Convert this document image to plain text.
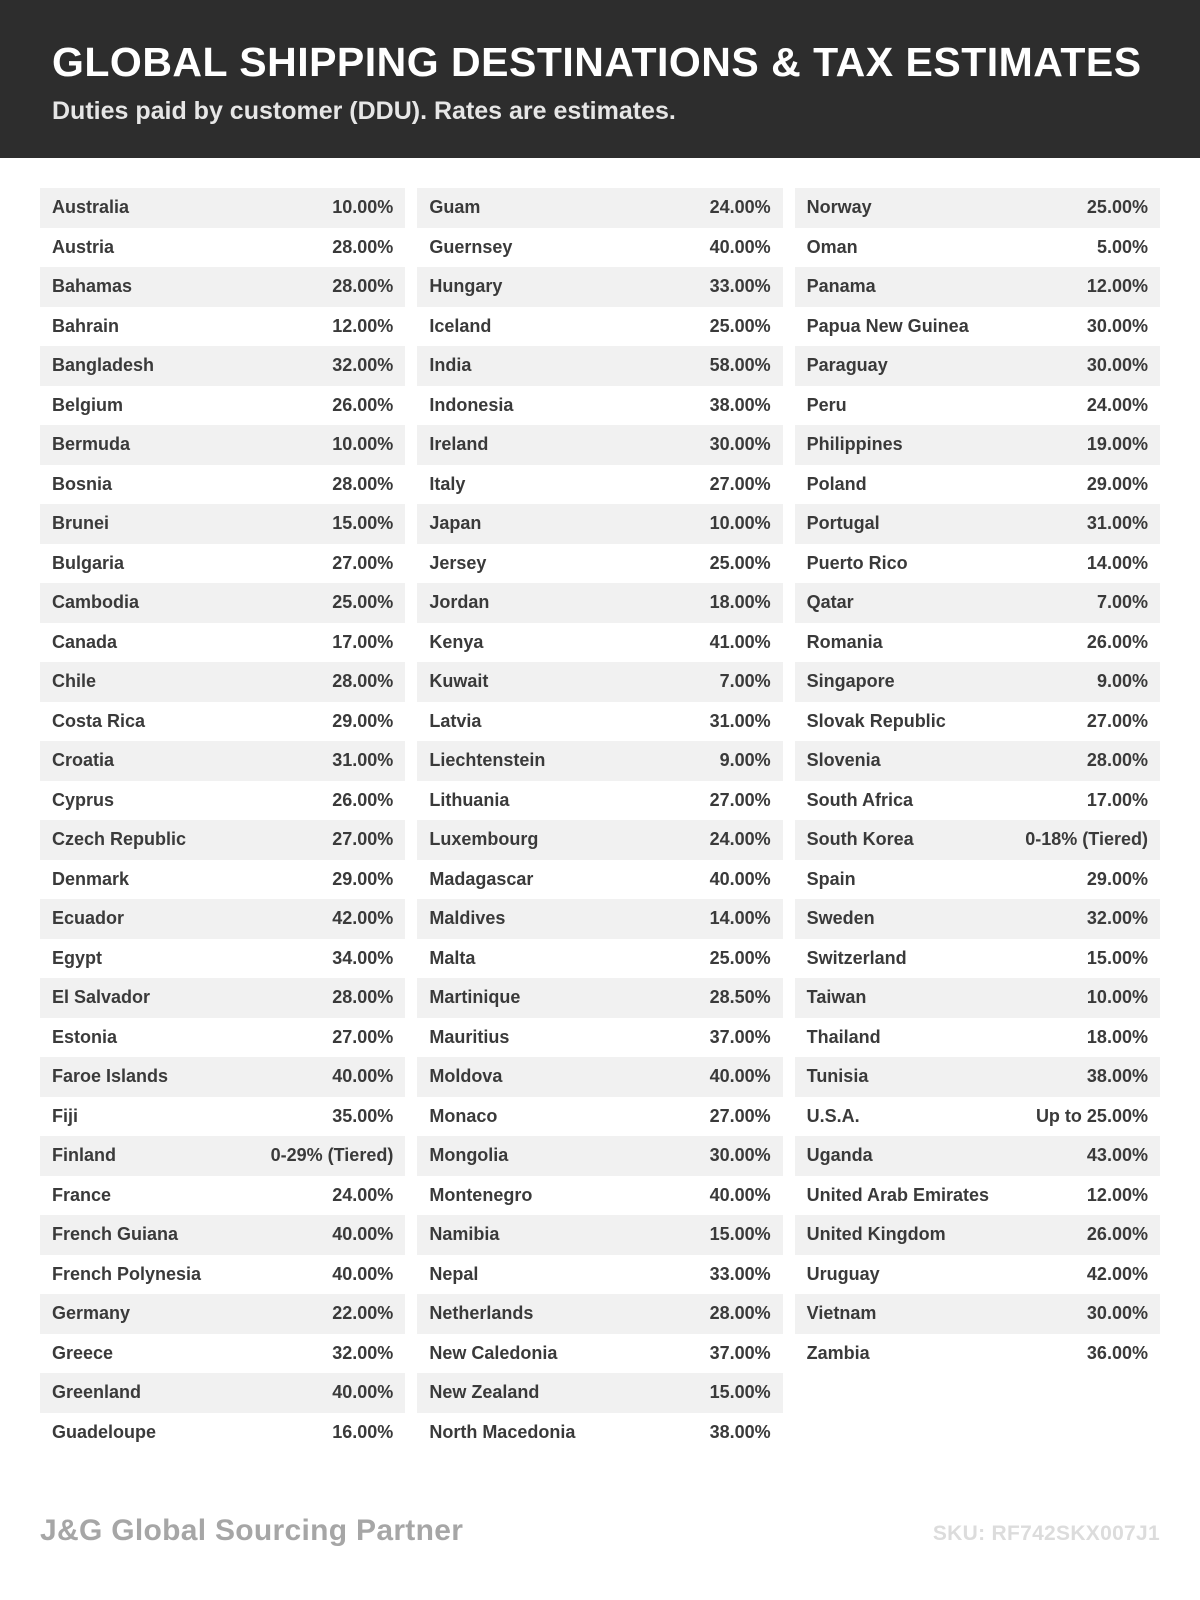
GLOBAL SHIPPING DESTINATIONS & TAX ESTIMATES
Duties paid by customer (DDU). Rates are estimates.
Australia	10.00%
Austria	28.00%
Bahamas	28.00%
Bahrain	12.00%
Bangladesh	32.00%
Belgium	26.00%
Bermuda	10.00%
Bosnia	28.00%
Brunei	15.00%
Bulgaria	27.00%
Cambodia	25.00%
Canada	17.00%
Chile	28.00%
Costa Rica	29.00%
Croatia	31.00%
Cyprus	26.00%
Czech Republic	27.00%
Denmark	29.00%
Ecuador	42.00%
Egypt	34.00%
El Salvador	28.00%
Estonia	27.00%
Faroe Islands	40.00%
Fiji	35.00%
Finland	0-29% (Tiered)
France	24.00%
French Guiana	40.00%
French Polynesia	40.00%
Germany	22.00%
Greece	32.00%
Greenland	40.00%
Guadeloupe	16.00%
Guam	24.00%
Guernsey	40.00%
Hungary	33.00%
Iceland	25.00%
India	58.00%
Indonesia	38.00%
Ireland	30.00%
Italy	27.00%
Japan	10.00%
Jersey	25.00%
Jordan	18.00%
Kenya	41.00%
Kuwait	7.00%
Latvia	31.00%
Liechtenstein	9.00%
Lithuania	27.00%
Luxembourg	24.00%
Madagascar	40.00%
Maldives	14.00%
Malta	25.00%
Martinique	28.50%
Mauritius	37.00%
Moldova	40.00%
Monaco	27.00%
Mongolia	30.00%
Montenegro	40.00%
Namibia	15.00%
Nepal	33.00%
Netherlands	28.00%
New Caledonia	37.00%
New Zealand	15.00%
North Macedonia	38.00%
Norway	25.00%
Oman	5.00%
Panama	12.00%
Papua New Guinea	30.00%
Paraguay	30.00%
Peru	24.00%
Philippines	19.00%
Poland	29.00%
Portugal	31.00%
Puerto Rico	14.00%
Qatar	7.00%
Romania	26.00%
Singapore	9.00%
Slovak Republic	27.00%
Slovenia	28.00%
South Africa	17.00%
South Korea	0-18% (Tiered)
Spain	29.00%
Sweden	32.00%
Switzerland	15.00%
Taiwan	10.00%
Thailand	18.00%
Tunisia	38.00%
U.S.A.	Up to 25.00%
Uganda	43.00%
United Arab Emirates	12.00%
United Kingdom	26.00%
Uruguay	42.00%
Vietnam	30.00%
Zambia	36.00%
J&G Global Sourcing Partner	SKU: RF742SKX007J1
